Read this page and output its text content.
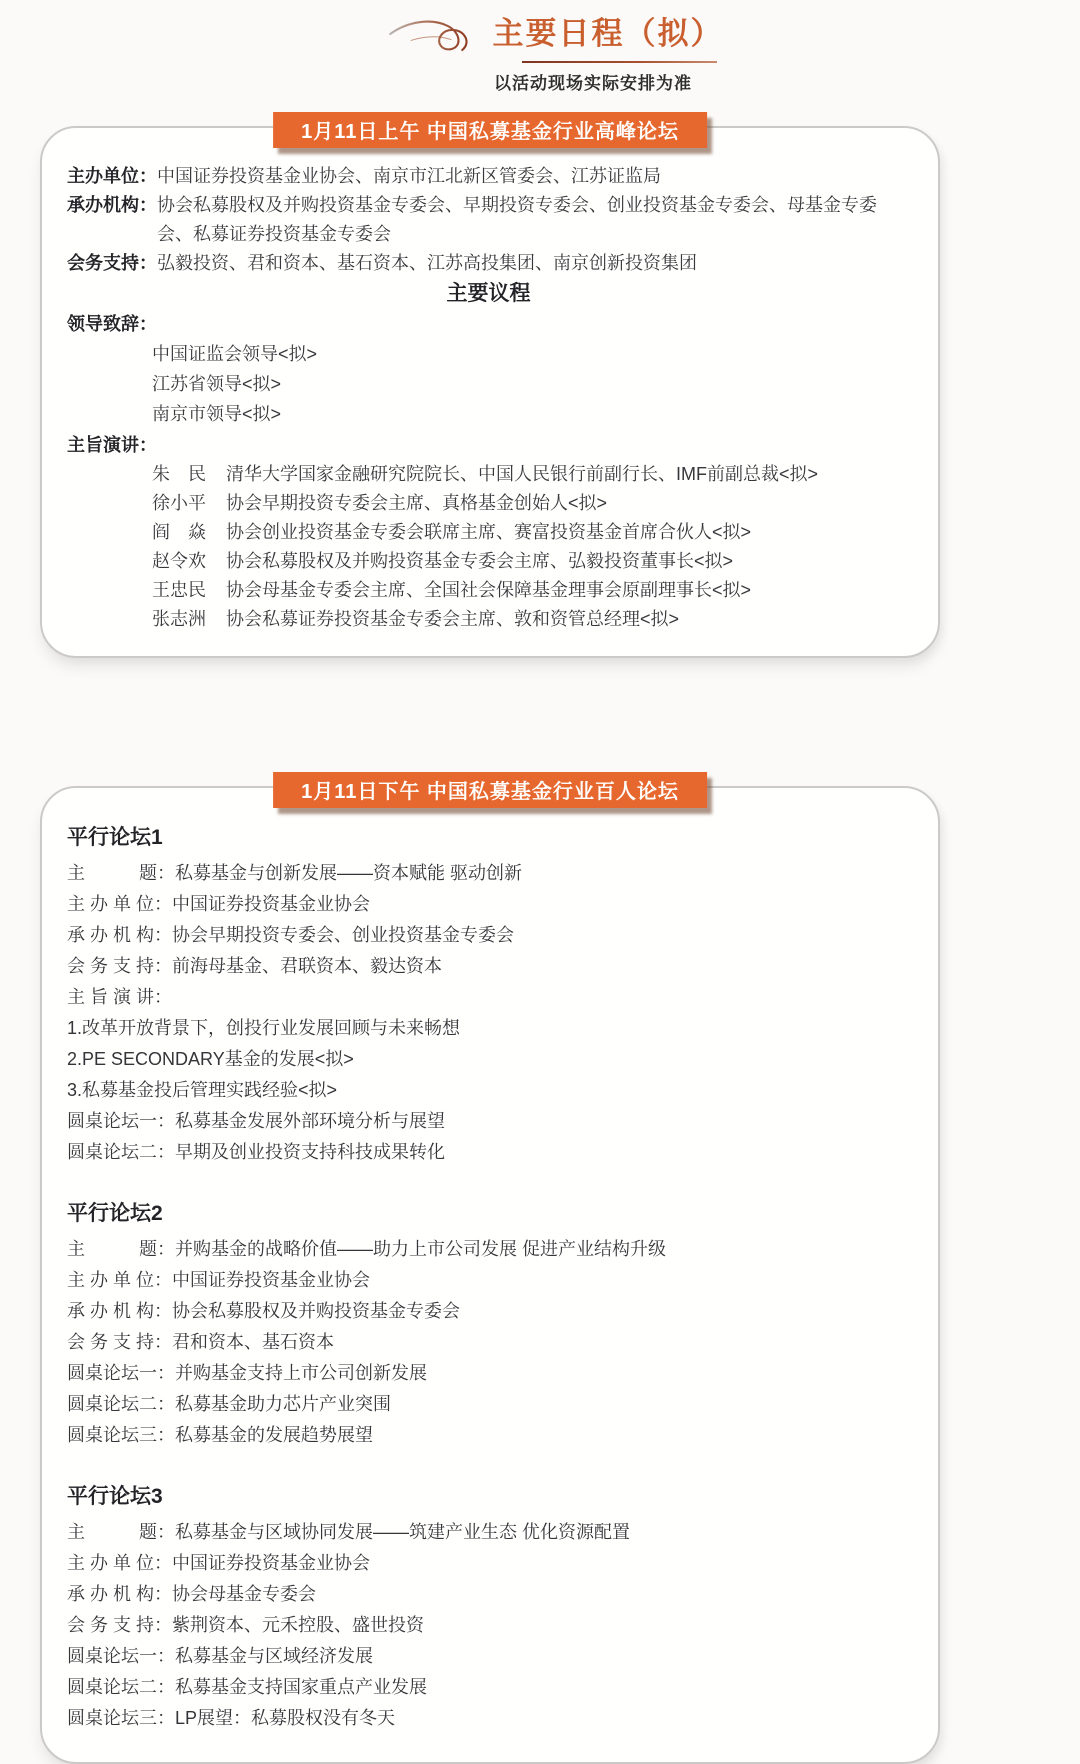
主要日程（拟）
以活动现场实际安排为准
1月11日上午 中国私募基金行业高峰论坛
主办单位： 中国证券投资基金业协会、南京市江北新区管委会、江苏证监局
承办机构： 协会私募股权及并购投资基金专委会、早期投资专委会、创业投资基金专委会、母基金专委会、私募证券投资基金专委会
会务支持： 弘毅投资、君和资本、基石资本、江苏高投集团、南京创新投资集团
主要议程
领导致辞：
中国证监会领导<拟>
江苏省领导<拟>
南京市领导<拟>
主旨演讲：
朱　民 清华大学国家金融研究院院长、中国人民银行前副行长、IMF前副总裁<拟>
徐小平 协会早期投资专委会主席、真格基金创始人<拟>
阎　焱 协会创业投资基金专委会联席主席、赛富投资基金首席合伙人<拟>
赵令欢 协会私募股权及并购投资基金专委会主席、弘毅投资董事长<拟>
王忠民 协会母基金专委会主席、全国社会保障基金理事会原副理事长<拟>
张志洲 协会私募证券投资基金专委会主席、敦和资管总经理<拟>
1月11日下午 中国私募基金行业百人论坛
平行论坛1
主　　　题： 私募基金与创新发展——资本赋能 驱动创新
主 办 单 位： 中国证券投资基金业协会
承 办 机 构： 协会早期投资专委会、创业投资基金专委会
会 务 支 持： 前海母基金、君联资本、毅达资本
主 旨 演 讲：
1.改革开放背景下，创投行业发展回顾与未来畅想
2.PE SECONDARY基金的发展<拟>
3.私募基金投后管理实践经验<拟>
圆桌论坛一： 私募基金发展外部环境分析与展望
圆桌论坛二： 早期及创业投资支持科技成果转化
平行论坛2
主　　　题： 并购基金的战略价值——助力上市公司发展 促进产业结构升级
主 办 单 位： 中国证券投资基金业协会
承 办 机 构： 协会私募股权及并购投资基金专委会
会 务 支 持： 君和资本、基石资本
圆桌论坛一： 并购基金支持上市公司创新发展
圆桌论坛二： 私募基金助力芯片产业突围
圆桌论坛三： 私募基金的发展趋势展望
平行论坛3
主　　　题： 私募基金与区域协同发展——筑建产业生态 优化资源配置
主 办 单 位： 中国证券投资基金业协会
承 办 机 构： 协会母基金专委会
会 务 支 持： 紫荆资本、元禾控股、盛世投资
圆桌论坛一： 私募基金与区域经济发展
圆桌论坛二： 私募基金支持国家重点产业发展
圆桌论坛三： LP展望：私募股权没有冬天
